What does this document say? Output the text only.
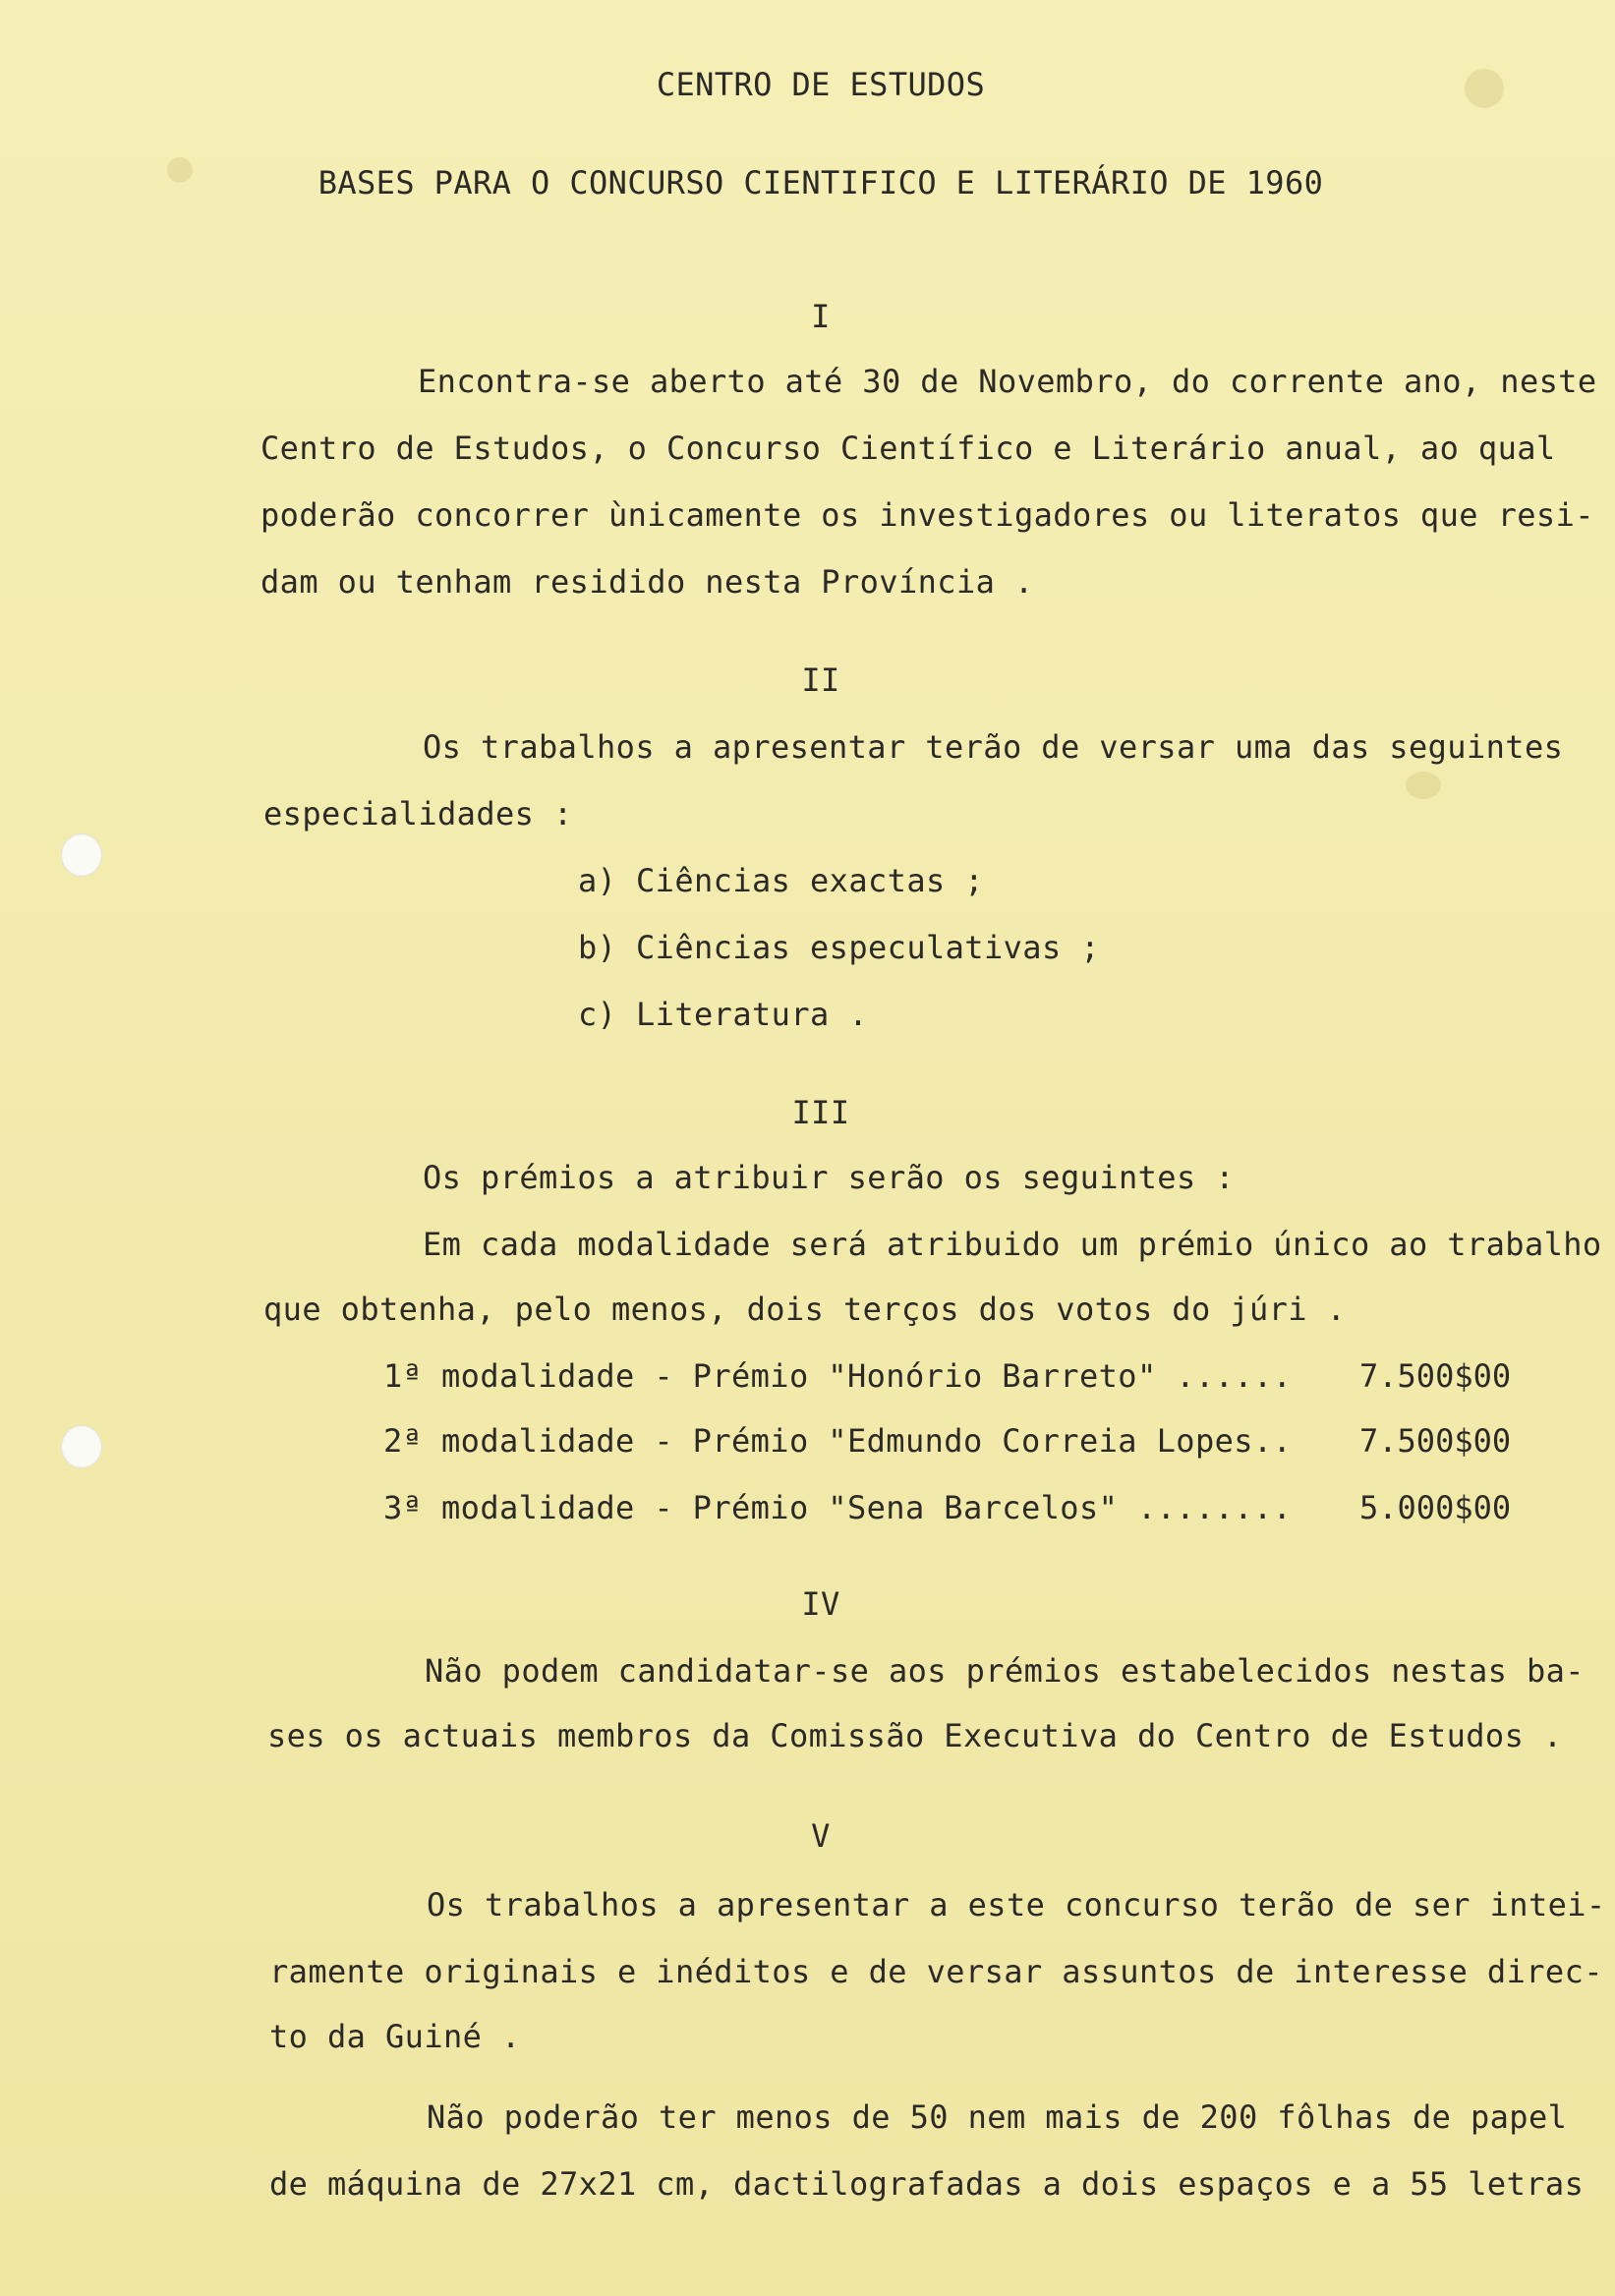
CENTRO DE ESTUDOS
BASES PARA O CONCURSO CIENTIFICO E LITERÁRIO DE 1960
I
Encontra-se aberto até 30 de Novembro, do corrente ano, neste
Centro de Estudos, o Concurso Científico e Literário anual, ao qual
poderão concorrer ùnicamente os investigadores ou literatos que resi-
dam ou tenham residido nesta Província .
II
Os trabalhos a apresentar terão de versar uma das seguintes
especialidades :
a) Ciências exactas ;
b) Ciências especulativas ;
c) Literatura .
III
Os prémios a atribuir serão os seguintes :
Em cada modalidade será atribuido um prémio único ao trabalho
que obtenha, pelo menos, dois terços dos votos do júri .
1ª modalidade - Prémio "Honório Barreto" ...... 7.500$00
2ª modalidade - Prémio "Edmundo Correia Lopes.. 7.500$00
3ª modalidade - Prémio "Sena Barcelos" ........ 5.000$00
IV
Não podem candidatar-se aos prémios estabelecidos nestas ba-
ses os actuais membros da Comissão Executiva do Centro de Estudos .
V
Os trabalhos a apresentar a este concurso terão de ser intei-
ramente originais e inéditos e de versar assuntos de interesse direc-
to da Guiné .
Não poderão ter menos de 50 nem mais de 200 fôlhas de papel
de máquina de 27x21 cm, dactilografadas a dois espaços e a 55 letras
